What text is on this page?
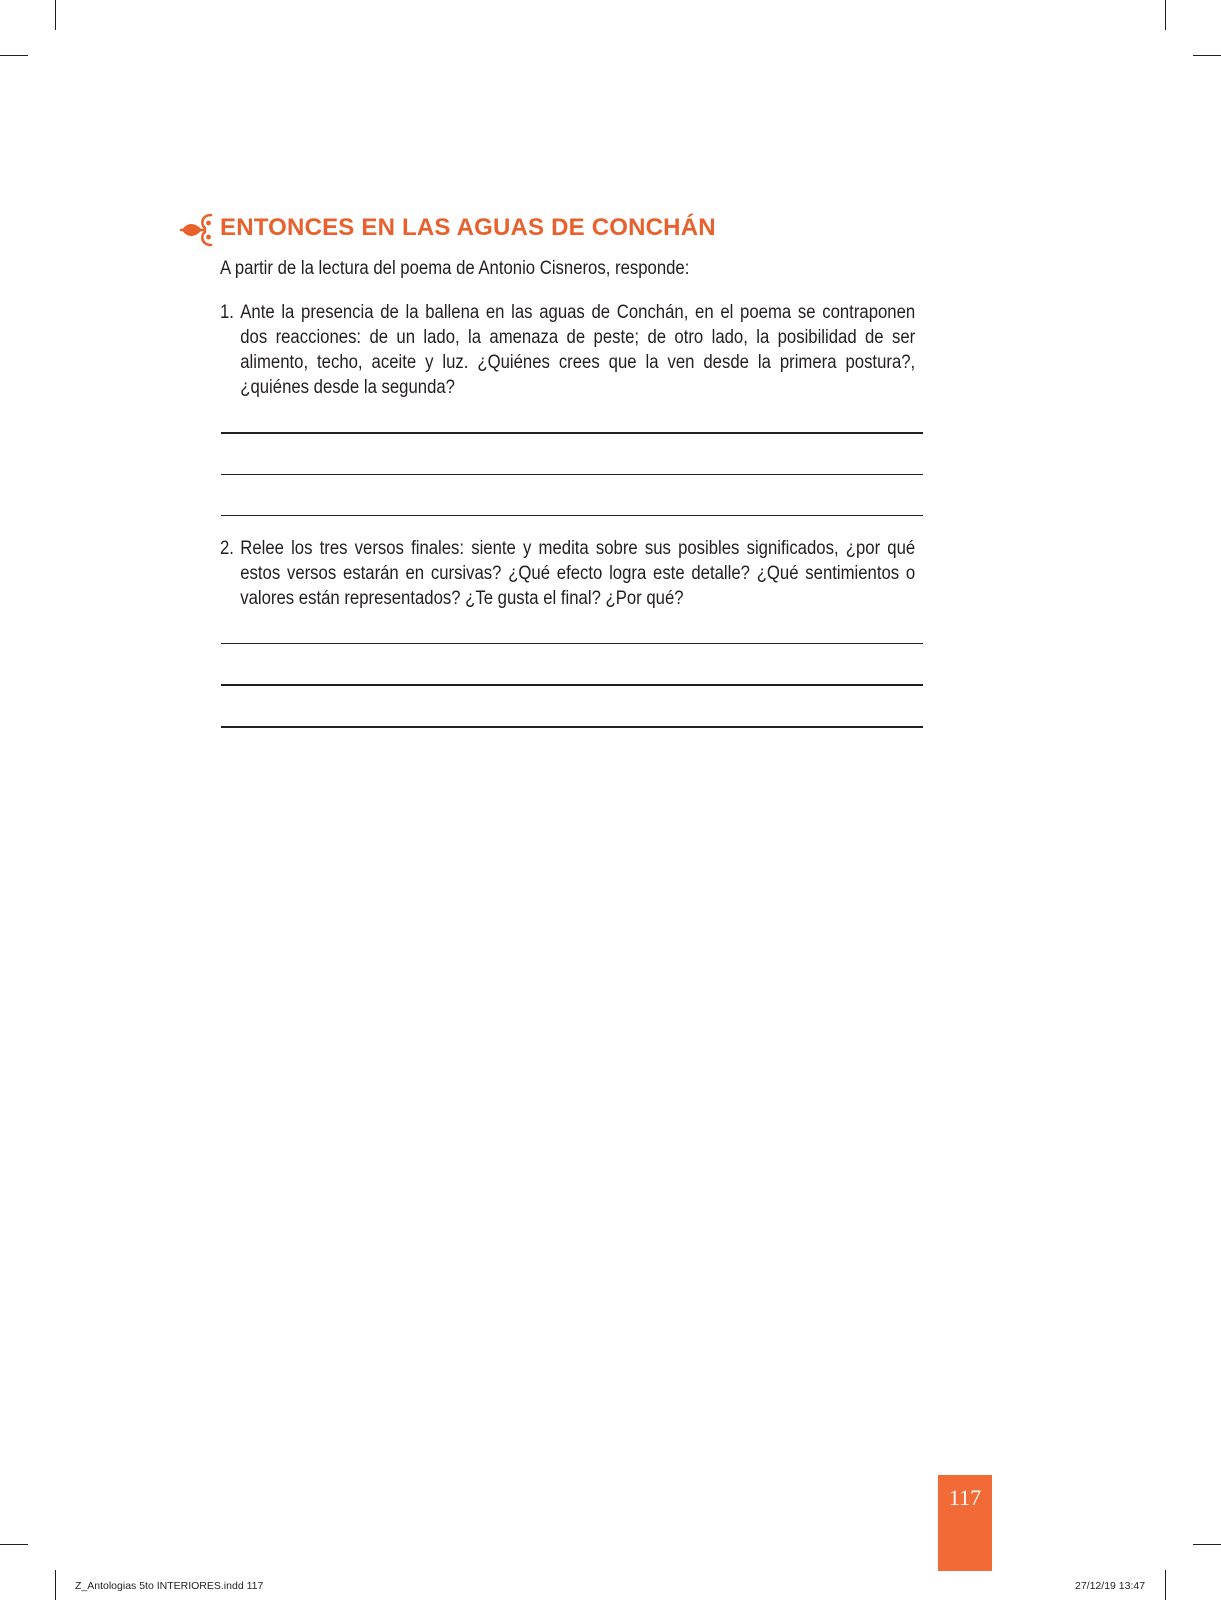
ENTONCES EN LAS AGUAS DE CONCHÁN
A partir de la lectura del poema de Antonio Cisneros, responde:
1. Ante la presencia de la ballena en las aguas de Conchán, en el poema se contraponen dos reacciones: de un lado, la amenaza de peste; de otro lado, la posibilidad de ser alimento, techo, aceite y luz. ¿Quiénes crees que la ven desde la primera postura?, ¿quiénes desde la segunda?
2. Relee los tres versos finales: siente y medita sobre sus posibles significados, ¿por qué estos versos estarán en cursivas? ¿Qué efecto logra este detalle? ¿Qué sentimientos o valores están representados? ¿Te gusta el final? ¿Por qué?
117
Z_Antologias 5to INTERIORES.indd 117	27/12/19 13:47
